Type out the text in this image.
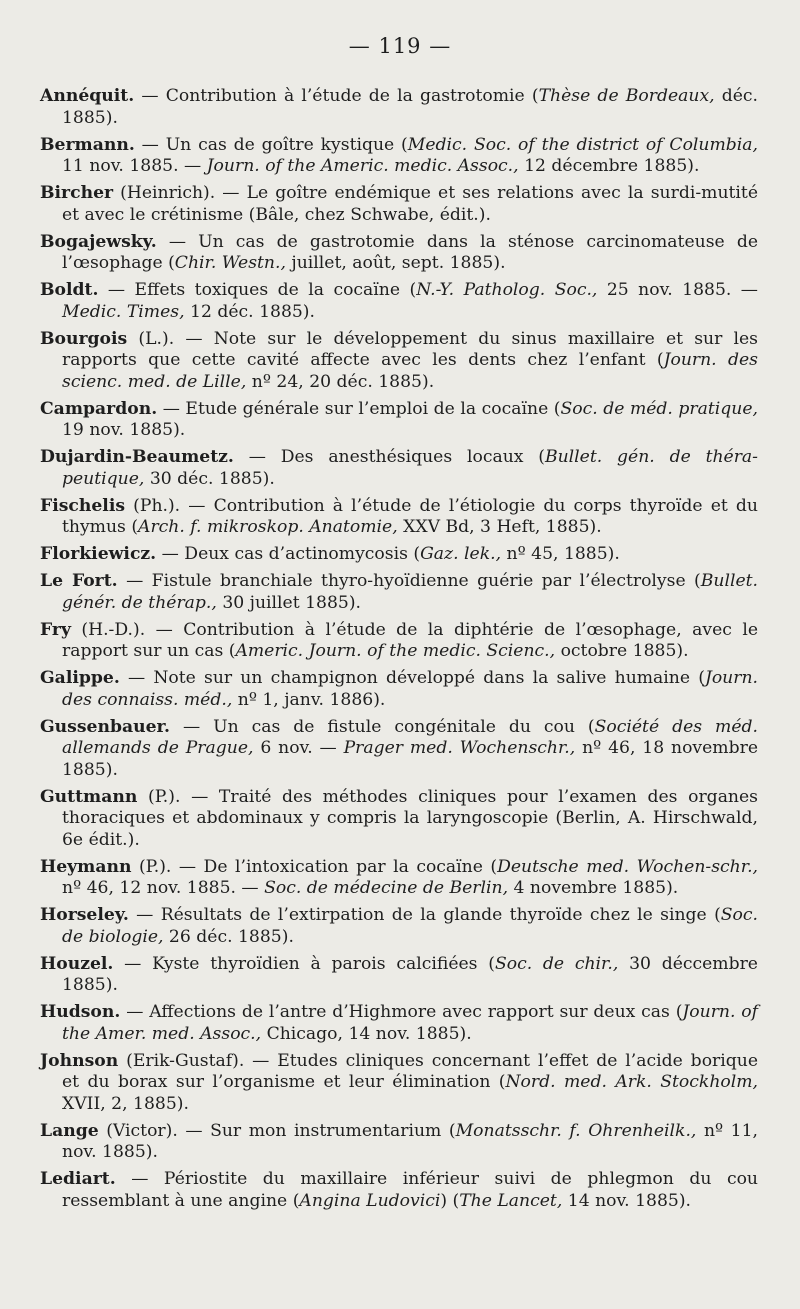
— 119 —

Annéquit. — Contribution à l’étude de la gastrotomie (Thèse de Bordeaux, déc. 1885).

Bermann. — Un cas de goître kystique (Medic. Soc. of the district of Columbia, 11 nov. 1885. — Journ. of the Americ. medic. Assoc., 12 décembre 1885).

Bircher (Heinrich). — Le goître endémique et ses relations avec la surdi-mutité et avec le crétinisme (Bâle, chez Schwabe, édit.).

Bogajewsky. — Un cas de gastrotomie dans la sténose carcinomateuse de l’œsophage (Chir. Westn., juillet, août, sept. 1885).

Boldt. — Effets toxiques de la cocaïne (N.-Y. Patholog. Soc., 25 nov. 1885. — Medic. Times, 12 déc. 1885).

Bourgois (L.). — Note sur le développement du sinus maxillaire et sur les rapports que cette cavité affecte avec les dents chez l’enfant (Journ. des scienc. med. de Lille, nº 24, 20 déc. 1885).

Campardon. — Etude générale sur l’emploi de la cocaïne (Soc. de méd. pratique, 19 nov. 1885).

Dujardin-Beaumetz. — Des anesthésiques locaux (Bullet. gén. de théra-peutique, 30 déc. 1885).

Fischelis (Ph.). — Contribution à l’étude de l’étiologie du corps thyroïde et du thymus (Arch. f. mikroskop. Anatomie, XXV Bd, 3 Heft, 1885).

Florkiewicz. — Deux cas d’actinomycosis (Gaz. lek., nº 45, 1885).

Le Fort. — Fistule branchiale thyro-hyoïdienne guérie par l’électrolyse (Bullet. génér. de thérap., 30 juillet 1885).

Fry (H.-D.). — Contribution à l’étude de la diphtérie de l’œsophage, avec le rapport sur un cas (Americ. Journ. of the medic. Scienc., octobre 1885).

Galippe. — Note sur un champignon développé dans la salive humaine (Journ. des connaiss. méd., nº 1, janv. 1886).

Gussenbauer. — Un cas de fistule congénitale du cou (Société des méd. allemands de Prague, 6 nov. — Prager med. Wochenschr., nº 46, 18 novembre 1885).

Guttmann (P.). — Traité des méthodes cliniques pour l’examen des organes thoraciques et abdominaux y compris la laryngoscopie (Berlin, A. Hirschwald, 6e édit.).

Heymann (P.). — De l’intoxication par la cocaïne (Deutsche med. Wochen-schr., nº 46, 12 nov. 1885. — Soc. de médecine de Berlin, 4 novembre 1885).

Horseley. — Résultats de l’extirpation de la glande thyroïde chez le singe (Soc. de biologie, 26 déc. 1885).

Houzel. — Kyste thyroïdien à parois calcifiées (Soc. de chir., 30 déccembre 1885).

Hudson. — Affections de l’antre d’Highmore avec rapport sur deux cas (Journ. of the Amer. med. Assoc., Chicago, 14 nov. 1885).

Johnson (Erik-Gustaf). — Etudes cliniques concernant l’effet de l’acide borique et du borax sur l’organisme et leur élimination (Nord. med. Ark. Stockholm, XVII, 2, 1885).

Lange (Victor). — Sur mon instrumentarium (Monatsschr. f. Ohrenheilk., nº 11, nov. 1885).

Lediart. — Périostite du maxillaire inférieur suivi de phlegmon du cou ressemblant à une angine (Angina Ludovici) (The Lancet, 14 nov. 1885).
